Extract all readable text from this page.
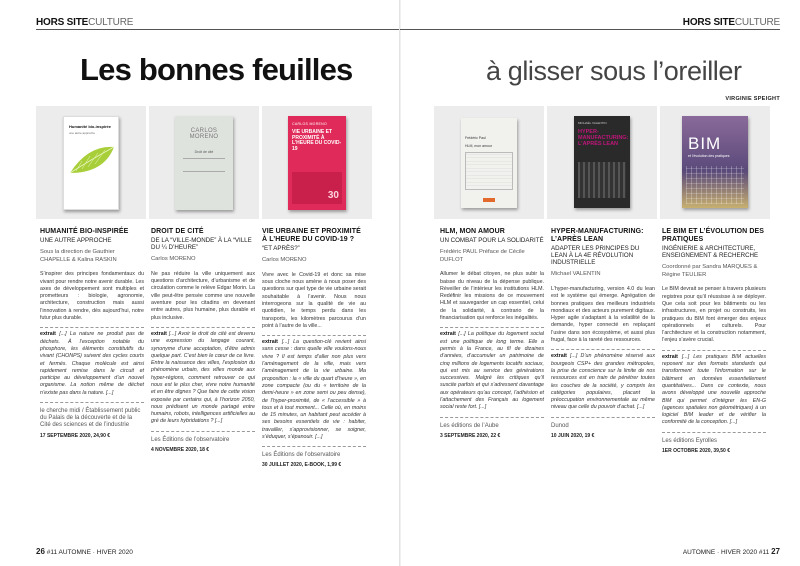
HORS SITECULTURE
Les bonnes feuilles
Humanité bio-inspirée
une autre approche	CARLOS MORENO
Droit de cité
CARLOS MORENO
VIE URBAINE ET PROXIMITÉ À L’HEURE DU COVID-19
30
HUMANITÉ BIO-INSPIRÉE
UNE AUTRE APPROCHE
Sous la direction de Gauthier CHAPELLE & Kalina RASKIN

S’inspirer des principes fondamentaux du vivant pour rendre notre avenir durable. Les axes de développement sont multiples et prometteurs : biologie, agronomie, architecture, construction mais aussi l’innovation à rendre, dès aujourd’hui, notre futur plus durable.

extrait [...] La nature ne produit pas de déchets. À l’exception notable du phosphore, les éléments constitutifs du vivant (CHONPS) suivent des cycles courts et fermés. Chaque molécule est ainsi rapidement remise dans le circuit et participe au développement d’un nouvel organisme. La notion même de déchet n’existe pas dans la nature. [...]

le cherche midi / Établissement public du Palais de la découverte et de la Cité des sciences et de l’industrie
17 SEPTEMBRE 2020, 24,90 €
DROIT DE CITÉ
DE LA “VILLE-MONDE” À LA “VILLE DU ¼ D’HEURE”
Carlos MORENO

Ne pas réduire la ville uniquement aux questions d’architecture, d’urbanisme et de circulation comme le relève Edgar Morin. La ville peut-être pensée comme une nouvelle aventure pour les citadins en devenant entre autres, plus humaine, plus durable et plus inclusive.

extrait [...] Avoir le droit de cité est devenu une expression du langage courant, synonyme d’une acceptation, d’être admis quelque part. C’est bien le cœur de ce livre. Entre la naissance des villes, l’explosion du phénomène urbain, des villes monde aux hyper-régions, comment retrouver ce qui nous est le plus cher, vivre notre humanité et en être dignes ? Que faire de cette vision exposée par certains qui, à l’horizon 2050, nous prédisent un monde partagé entre humains, robots, intelligences artificielles au gré de leurs hybridations ? [...]

Les Éditions de l’observatoire
4 NOVEMBRE 2020, 18 €
VIE URBAINE ET PROXIMITÉ À L’HEURE DU COVID-19 ?
“ET APRÈS?”
Carlos MORENO

Vivre avec le Covid-19 et donc sa mise sous cloche nous amène à nous poser des questions sur quel type de vie urbaine serait souhaitable à l’avenir. Nous nous interrogeons sur la qualité de vie au quotidien, le temps perdu dans les transports, les kilomètres parcourus d’un point à l’autre de la ville...

extrait [...] La question-clé revient ainsi sans cesse : dans quelle ville voulons-nous vivre ? Il est temps d’aller non plus vers l’aménagement de la ville, mais vers l’aménagement de la vie urbaine. Ma proposition : la « ville du quart d’heure », en zone compacte (ou du « territoire de la demi-heure » en zone semi ou peu dense), de l’hyper-proximité, de « l’accessible » à tous et à tout moment... Celle où, en moins de 15 minutes, un habitant peut accéder à ses besoins essentiels de vie : habiter, travailler, s’approvisionner, se soigner, s’éduquer, s’épanouir. [...]

Les Éditions de l’observatoire
30 JUILLET 2020, E-BOOK, 1,99 €
26 #11 AUTOMNE · HIVER 2020
HORS SITECULTURE
à glisser sous l’oreiller
VIRGINIE SPEIGHT
Frédéric Paul
HLM, mon amour
MICHAËL VALENTIN
HYPER-MANUFACTURING: L’APRÈS LEAN	BIM
et l’évolution des pratiques
HLM, MON AMOUR
UN COMBAT POUR LA SOLIDARITÉ
Frédéric PAUL Préface de Cécile DUFLOT

Allumer le débat citoyen, ne plus subir la baisse du niveau de la dépense publique. Réveiller de l’intérieur les institutions HLM. Redéfinir les missions de ce mouvement HLM et sauvegarder un cap essentiel, celui de la solidarité, à contrario de la financiarisation qui renforce les inégalités.

extrait [...] La politique du logement social est une politique de long terme. Elle a permis à la France, au fil de dizaines d’années, d’accumuler un patrimoine de cinq millions de logements locatifs sociaux, qui est mis au service des générations successives. Malgré les critiques qu’il suscite parfois et qui s’adressent davantage aux opérateurs qu’au concept, l’adhésion et l’attachement des Français au logement social reste fort. [...]

Les éditions de l’Aube
3 SEPTEMBRE 2020, 22 €
HYPER-MANUFACTURING: L’APRÈS LEAN
ADAPTER LES PRINCIPES DU LEAN À LA 4E RÉVOLUTION INDUSTRIELLE
Michael VALENTIN

L’hyper-manufacturing, version 4.0 du lean est le système qui émerge. Agrégation de bonnes pratiques des meilleurs industriels mondiaux et des acteurs purement digitaux. Hyper agile s’adaptant à la volatilité de la demande, hyper connecté en replaçant l’usine dans son écosystème, et aussi plus frugal, face à la rareté des ressources.

extrait [...] D’un phénomène réservé aux bourgeois CSP+ des grandes métropoles, la prise de conscience sur la limite de nos ressources est en train de pénétrer toutes les couches de la société, y compris les catégories populaires, placant la préoccupation environnementale au même niveau que celle du pouvoir d’achat. [...]

Dunod
10 JUIN 2020, 19 €
LE BIM ET L’ÉVOLUTION DES PRATIQUES
INGÉNIERIE & ARCHITECTURE, ENSEIGNEMENT & RECHERCHE
Coordonné par Sandra MARQUES & Régine TEULIER

Le BIM devrait se penser à travers plusieurs registres pour qu’il réussisse à se déployer. Que cela soit pour les bâtiments ou les infrastructures, en projet ou construits, les pratiques du BIM font émerger des enjeux opérationnels et culturels. Pour l’architecture et la construction notamment, l’enjeu s’avère crucial.

extrait [...] Les pratiques BIM actuelles reposent sur des formats standards qui transforment toute l’information sur le bâtiment en données essentiellement quantitatives... Dans ce contexte, nous avons développé une nouvelle approche BIM qui permet d’intégrer les EN-G (agences spatiales non géométriques) à un logiciel BIM leader et de vérifier la conformité de la conception. [...]

Les éditions Eyrolles
1ER OCTOBRE 2020, 39,50 €
AUTOMNE · HIVER 2020 #11 27
